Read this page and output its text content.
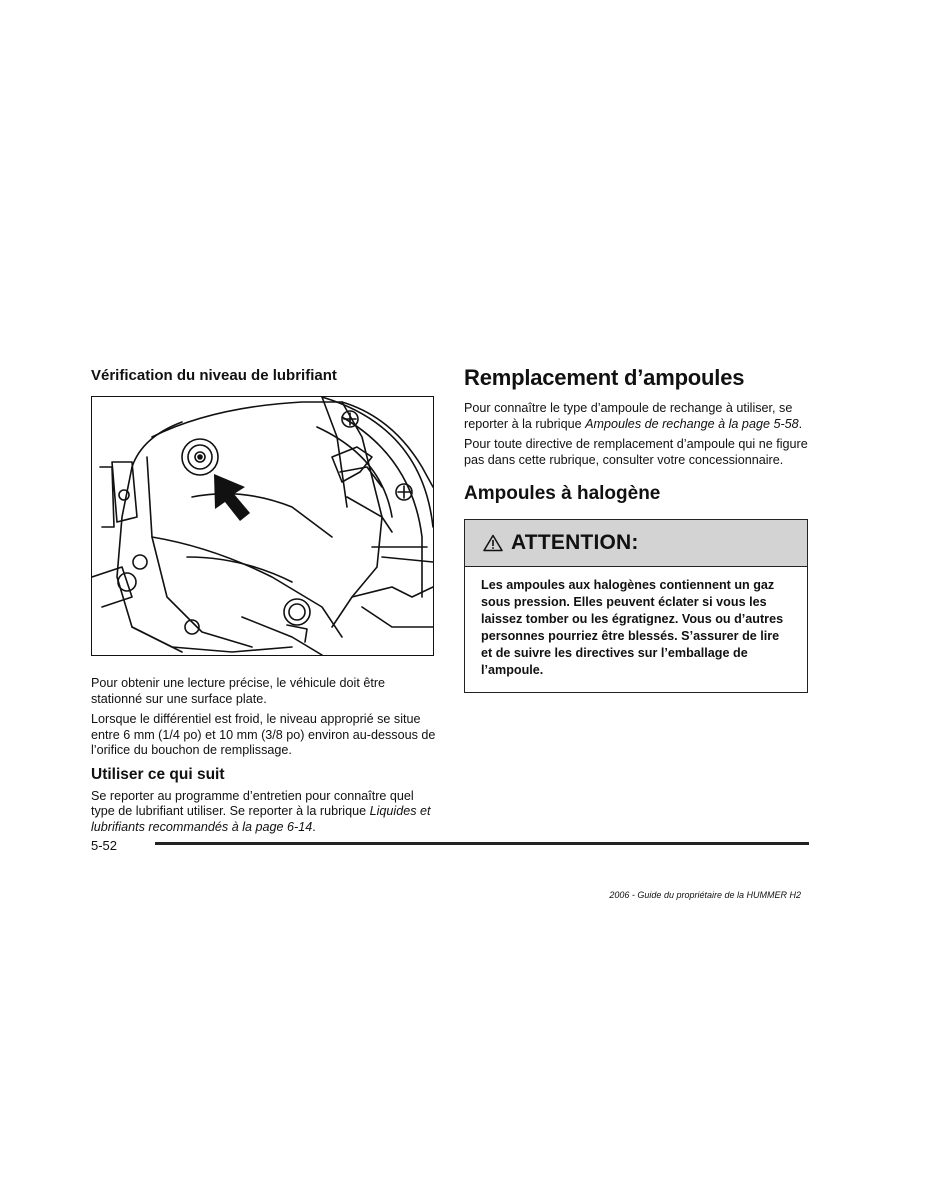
Vérification du niveau de lubrifiant

Pour obtenir une lecture précise, le véhicule doit être stationné sur une surface plate.

Lorsque le différentiel est froid, le niveau approprié se situe entre 6 mm (1/4 po) et 10 mm (3/8 po) environ au-dessous de l’orifice du bouchon de remplissage.

Utiliser ce qui suit

Se reporter au programme d’entretien pour connaître quel type de lubrifiant utiliser. Se reporter à la rubrique Liquides et lubrifiants recommandés à la page 6-14.

Remplacement d’ampoules

Pour connaître le type d’ampoule de rechange à utiliser, se reporter à la rubrique Ampoules de rechange à la page 5-58.

Pour toute directive de remplacement d’ampoule qui ne figure pas dans cette rubrique, consulter votre concessionnaire.

Ampoules à halogène
ATTENTION:
Les ampoules aux halogènes contiennent un gaz sous pression. Elles peuvent éclater si vous les laissez tomber ou les égratignez. Vous ou d’autres personnes pourriez être blessés. S’assurer de lire et de suivre les directives sur l’emballage de l’ampoule.
5-52
2006 - Guide du propriétaire de la HUMMER H2
